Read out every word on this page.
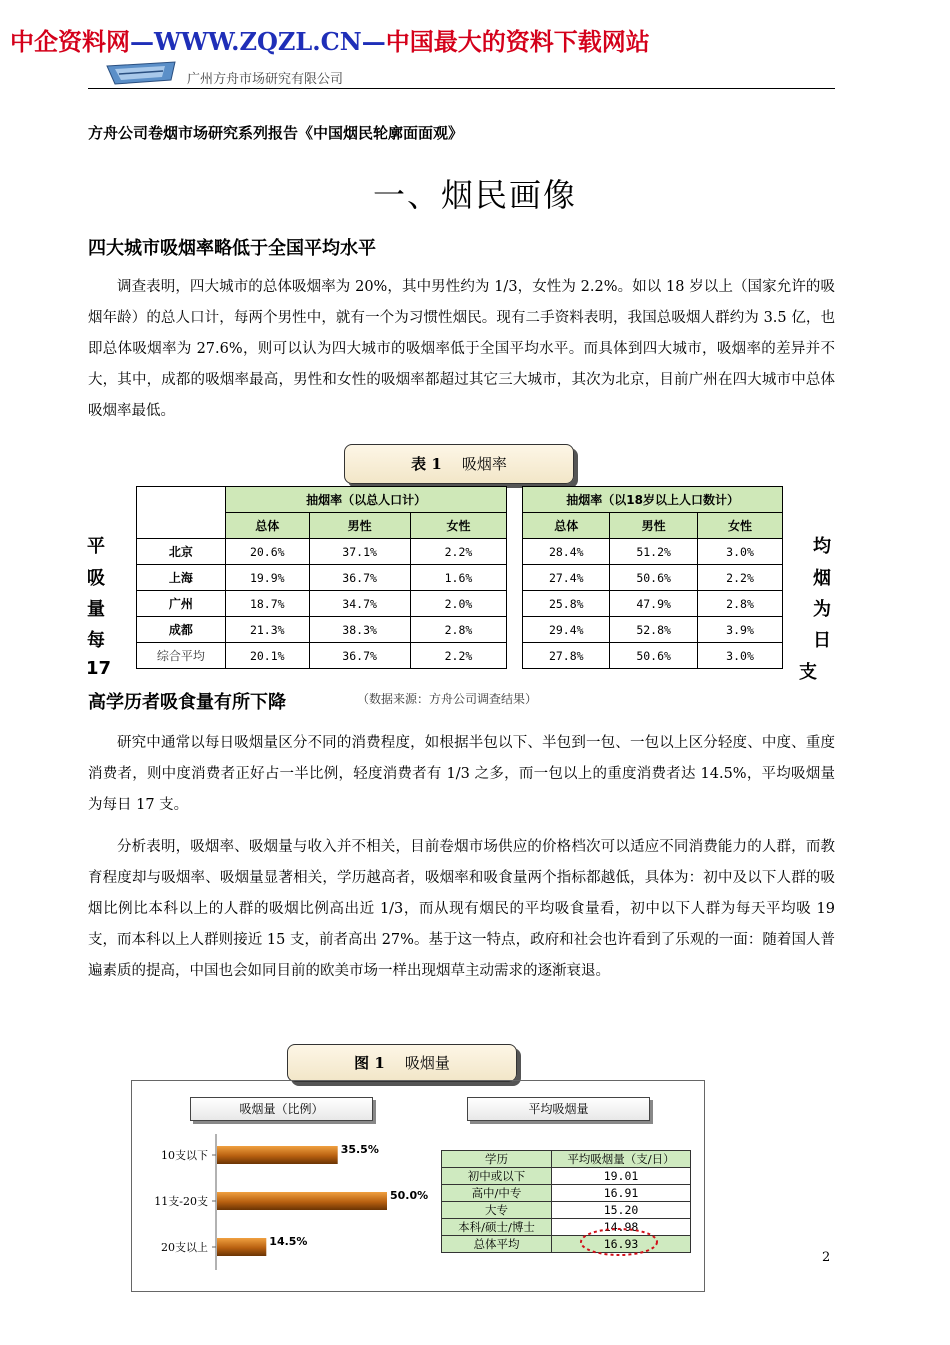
中企资料网—WWW.ZQZL.CN—中国最大的资料下载网站
广州方舟市场研究有限公司
方舟公司卷烟市场研究系列报告《中国烟民轮廓面面观》
一、烟民画像
四大城市吸烟率略低于全国平均水平
调查表明，四大城市的总体吸烟率为 20%，其中男性约为 1/3，女性为 2.2%。如以 18 岁以上（国家允许的吸烟年龄）的总人口计，每两个男性中，就有一个为习惯性烟民。现有二手资料表明，我国总吸烟人群约为 3.5 亿，也即总体吸烟率为 27.6%，则可以认为四大城市的吸烟率低于全国平均水平。而具体到四大城市，吸烟率的差异并不大，其中，成都的吸烟率最高，男性和女性的吸烟率都超过其它三大城市，其次为北京，目前广州在四大城市中总体吸烟率最低。
表 1 吸烟率
	抽烟率（以总人口计）				抽烟率（以18岁以上人口数计）		
	总体	男性	女性		总体	男性	女性
北京	20.6%	37.1%	2.2%		28.4%	51.2%	3.0%
上海	19.9%	36.7%	1.6%		27.4%	50.6%	2.2%
广州	18.7%	34.7%	2.0%		25.8%	47.9%	2.8%
成都	21.3%	38.3%	2.8%		29.4%	52.8%	3.9%
综合平均	20.1%	36.7%	2.2%		27.8%	50.6%	3.0%
平
吸
量
每
17
均
烟
为
日
支
高学历者吸食量有所下降	（数据来源：方舟公司调查结果）
研究中通常以每日吸烟量区分不同的消费程度，如根据半包以下、半包到一包、一包以上区分轻度、中度、重度消费者，则中度消费者正好占一半比例，轻度消费者有 1/3 之多，而一包以上的重度消费者达 14.5%，平均吸烟量为每日 17 支。
分析表明，吸烟率、吸烟量与收入并不相关，目前卷烟市场供应的价格档次可以适应不同消费能力的人群，而教育程度却与吸烟率、吸烟量显著相关，学历越高者，吸烟率和吸食量两个指标都越低，具体为：初中及以下人群的吸烟比例比本科以上的人群的吸烟比例高出近 1/3，而从现有烟民的平均吸食量看，初中以下人群为每天平均吸 19 支，而本科以上人群则接近 15 支，前者高出 27%。基于这一特点，政府和社会也许看到了乐观的一面：随着国人普遍素质的提高，中国也会如同目前的欧美市场一样出现烟草主动需求的逐渐衰退。
图 1 吸烟量
吸烟量（比例）	平均吸烟量
10支以下	35.5%
11支-20支	50.0%
20支以上	14.5%
学历	平均吸烟量（支/日）
初中或以下	19.01
高中/中专	16.91
大专	15.20
本科/硕士/博士	14.98
总体平均	16.93
2
